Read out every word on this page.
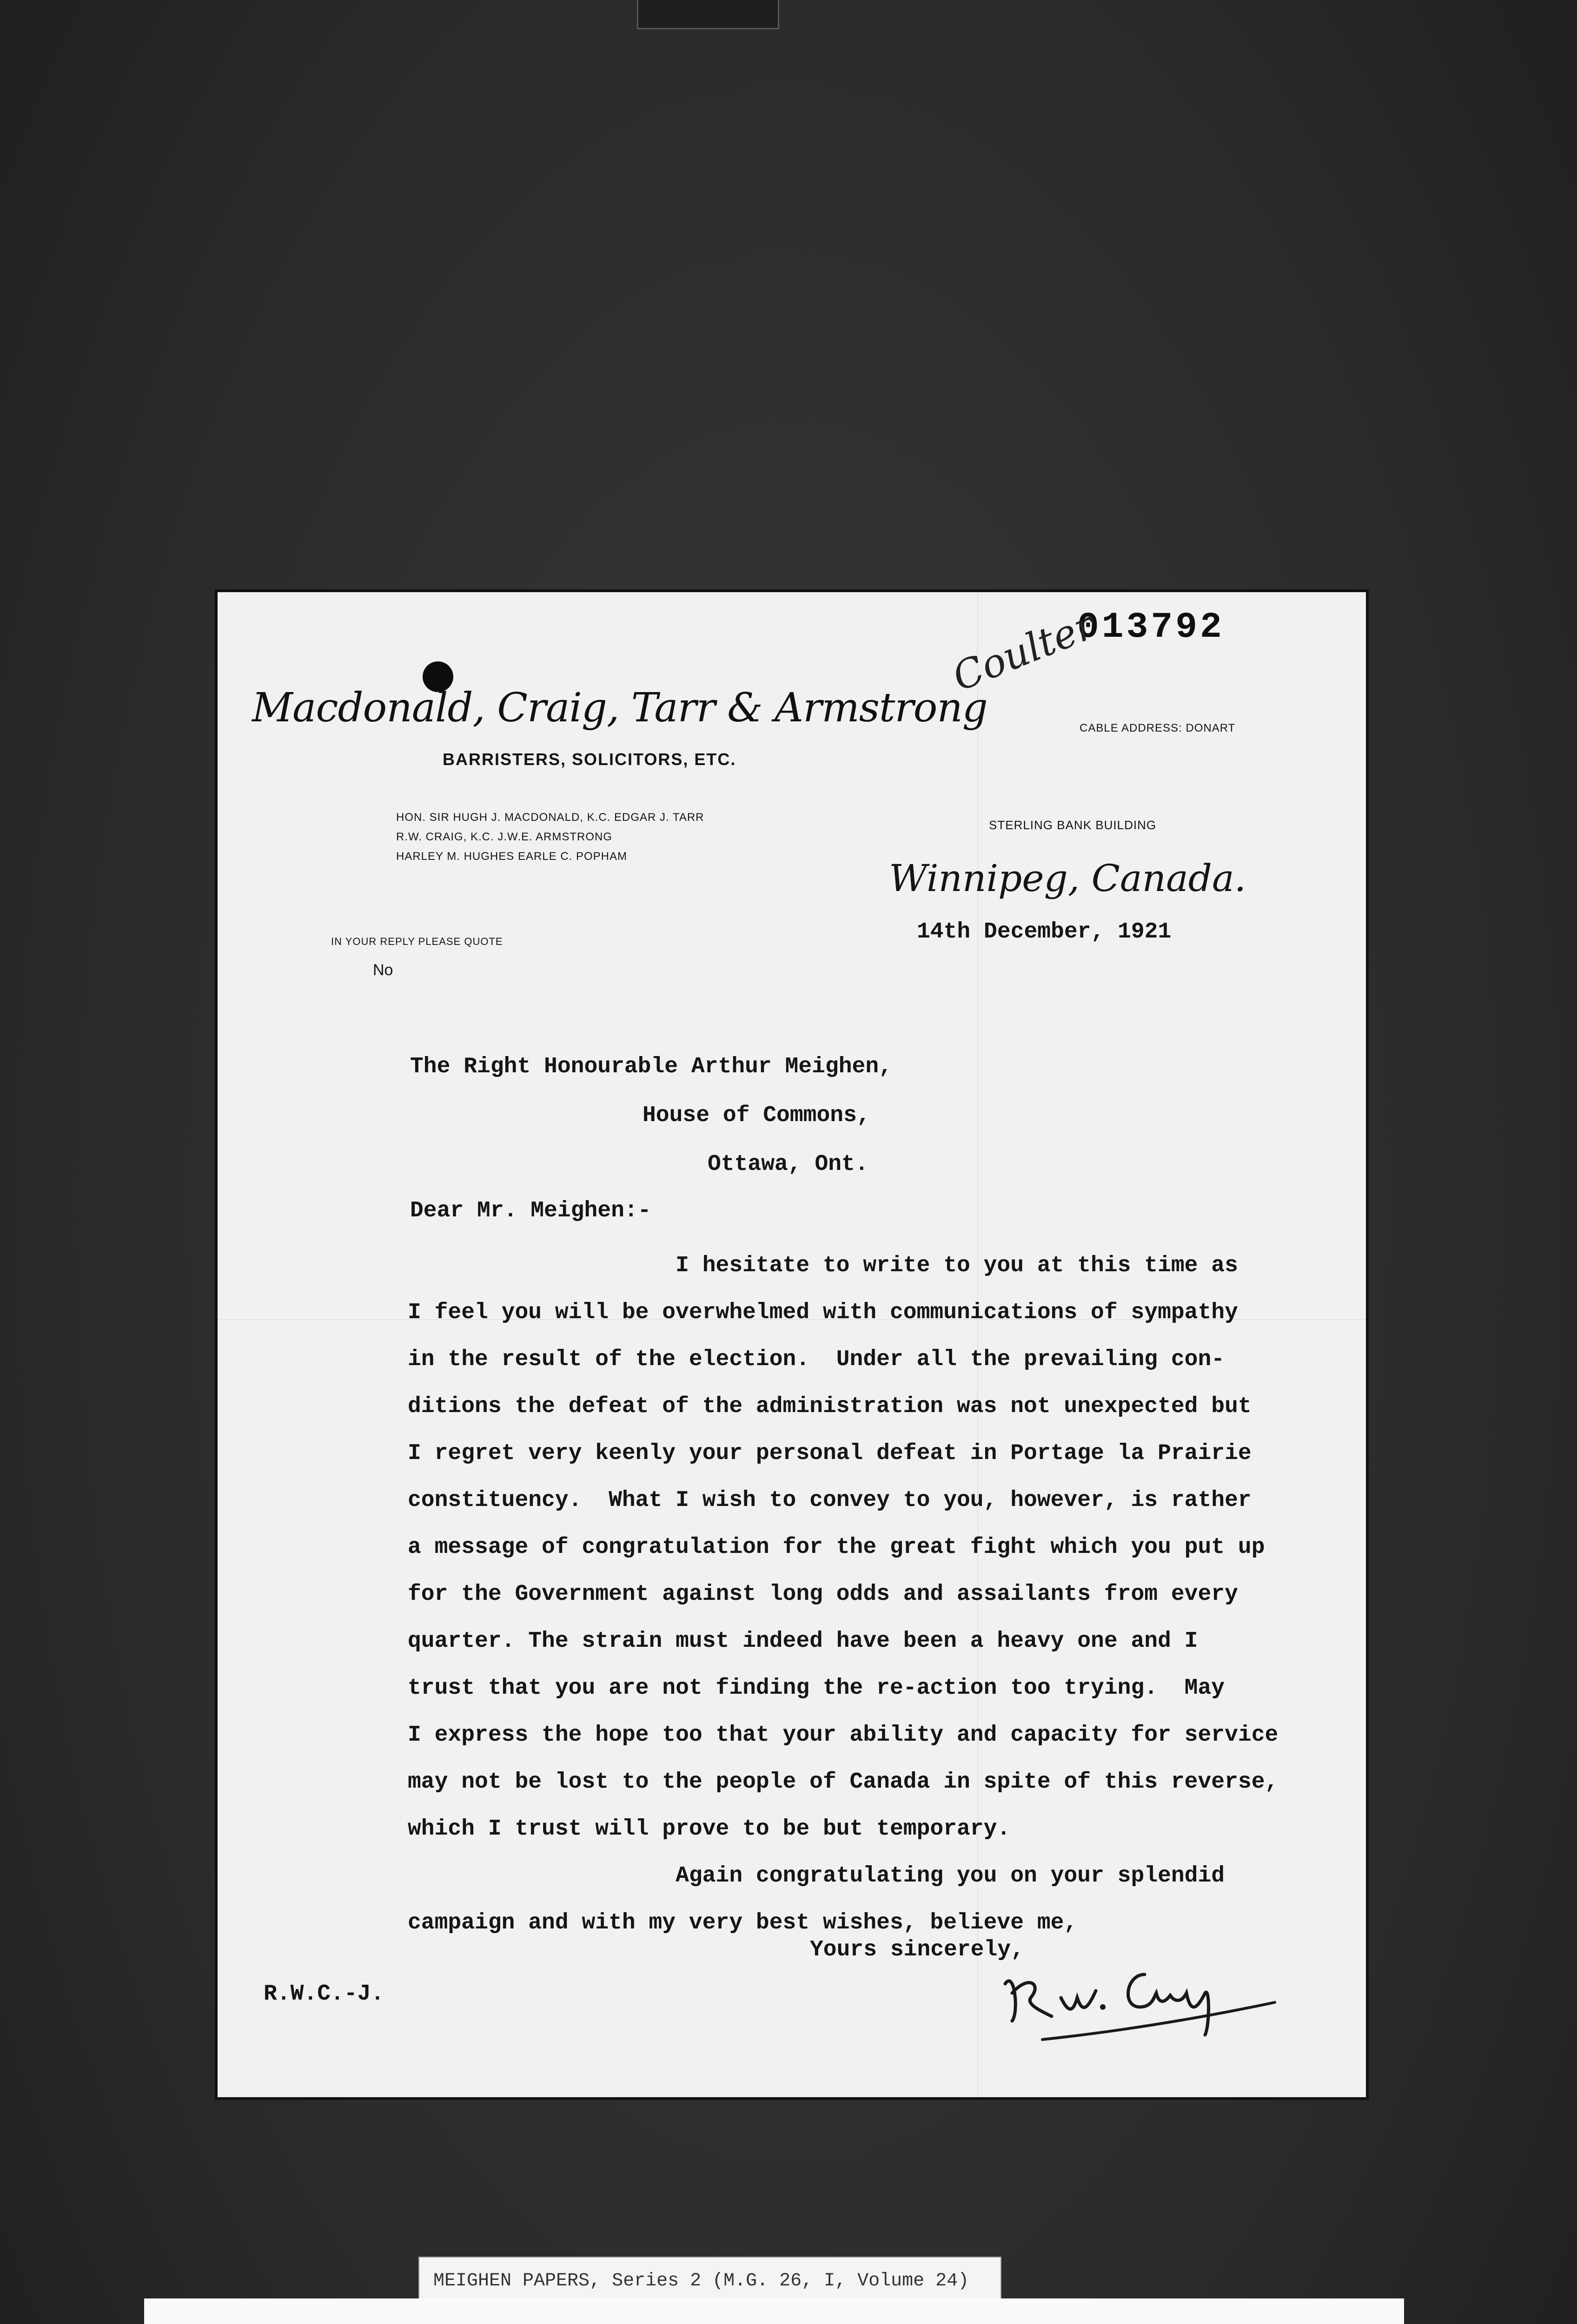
013792

Macdonald, Craig, Tarr & Armstrong

BARRISTERS, SOLICITORS, ETC.

HON. SIR HUGH J. MACDONALD, K.C. EDGAR J. TARR
R.W. CRAIG, K.C. J.W.E. ARMSTRONG
HARLEY M. HUGHES EARLE C. POPHAM

Coulter

CABLE ADDRESS: DONART

STERLING BANK BUILDING

Winnipeg, Canada.

IN YOUR REPLY PLEASE QUOTE

No

14th December, 1921

The Right Honourable Arthur Meighen,

House of Commons,

Ottawa, Ont.

Dear Mr. Meighen:-

I hesitate to write to you at this time as
I feel you will be overwhelmed with communications of sympathy
in the result of the election.  Under all the prevailing con-
ditions the defeat of the administration was not unexpected but
I regret very keenly your personal defeat in Portage la Prairie
constituency.  What I wish to convey to you, however, is rather
a message of congratulation for the great fight which you put up
for the Government against long odds and assailants from every
quarter. The strain must indeed have been a heavy one and I
trust that you are not finding the re-action too trying.  May
I express the hope too that your ability and capacity for service
may not be lost to the people of Canada in spite of this reverse,
which I trust will prove to be but temporary.
Again congratulating you on your splendid
campaign and with my very best wishes, believe me,

Yours sincerely,

R.W.C.-J.

MEIGHEN PAPERS, Series 2 (M.G. 26, I, Volume 24)
